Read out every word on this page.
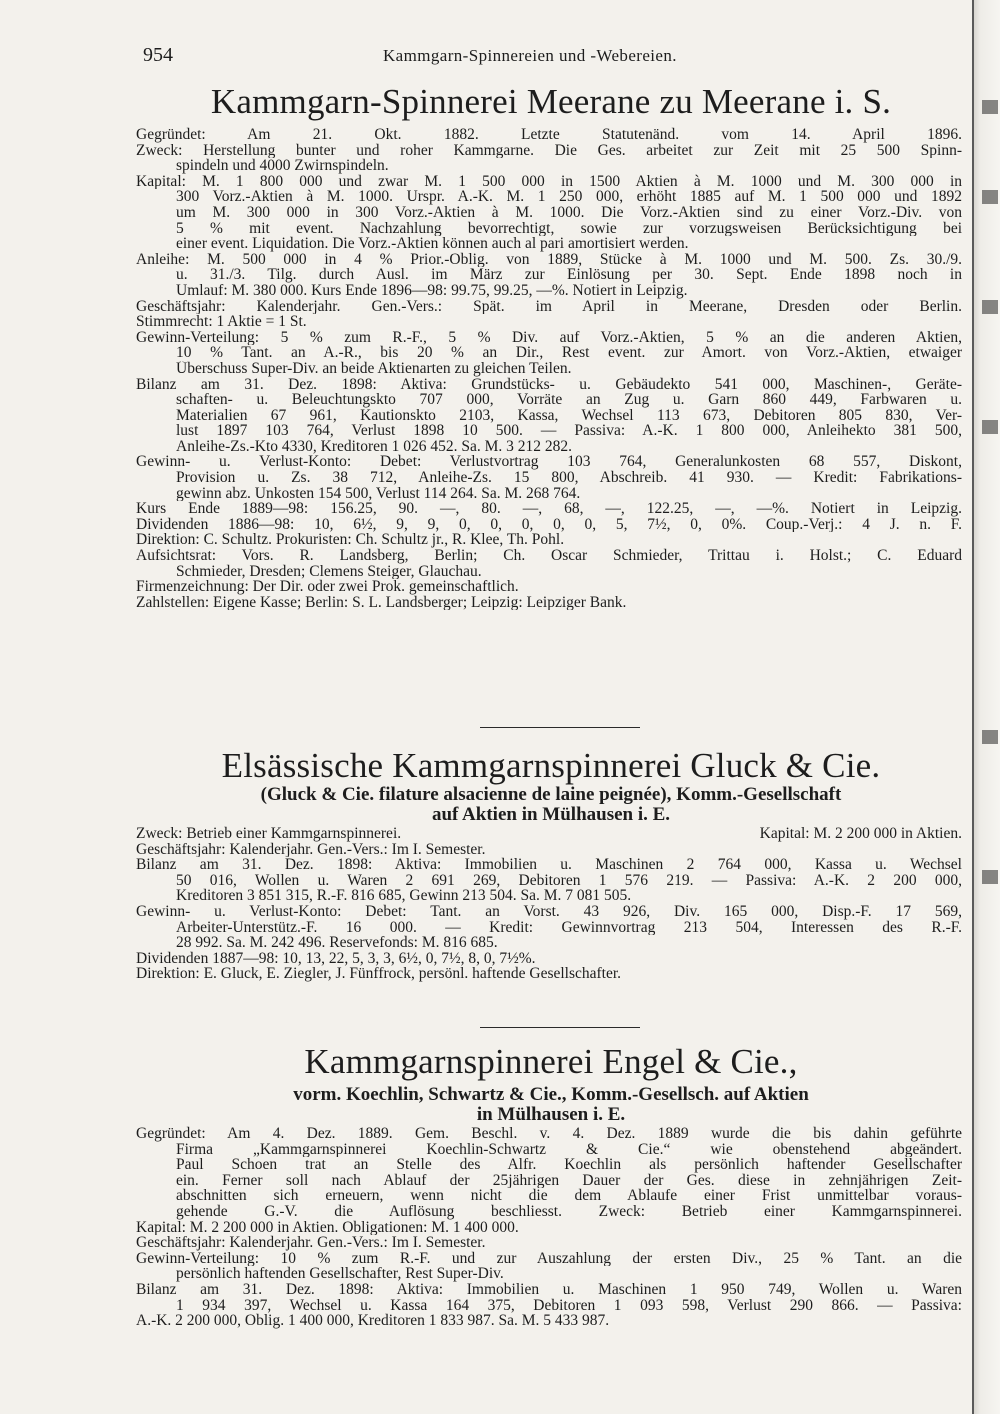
954	Kammgarn-Spinnereien und -Webereien.
Kammgarn-Spinnerei Meerane zu Meerane i. S.
Gegründet: Am 21. Okt. 1882. Letzte Statutenänd. vom 14. April 1896.
Zweck: Herstellung bunter und roher Kammgarne. Die Ges. arbeitet zur Zeit mit 25 500 Spinn-
spindeln und 4000 Zwirnspindeln.
Kapital: M. 1 800 000 und zwar M. 1 500 000 in 1500 Aktien à M. 1000 und M. 300 000 in
300 Vorz.-Aktien à M. 1000. Urspr. A.-K. M. 1 250 000, erhöht 1885 auf M. 1 500 000 und 1892
um M. 300 000 in 300 Vorz.-Aktien à M. 1000. Die Vorz.-Aktien sind zu einer Vorz.-Div. von
5 % mit event. Nachzahlung bevorrechtigt, sowie zur vorzugsweisen Berücksichtigung bei
einer event. Liquidation. Die Vorz.-Aktien können auch al pari amortisiert werden.
Anleihe: M. 500 000 in 4 % Prior.-Oblig. von 1889, Stücke à M. 1000 und M. 500. Zs. 30./9.
u. 31./3. Tilg. durch Ausl. im März zur Einlösung per 30. Sept. Ende 1898 noch in
Umlauf: M. 380 000. Kurs Ende 1896—98: 99.75, 99.25, —%. Notiert in Leipzig.
Geschäftsjahr: Kalenderjahr. Gen.-Vers.: Spät. im April in Meerane, Dresden oder Berlin.
Stimmrecht: 1 Aktie = 1 St.
Gewinn-Verteilung: 5 % zum R.-F., 5 % Div. auf Vorz.-Aktien, 5 % an die anderen Aktien,
10 % Tant. an A.-R., bis 20 % an Dir., Rest event. zur Amort. von Vorz.-Aktien, etwaiger
Überschuss Super-Div. an beide Aktienarten zu gleichen Teilen.
Bilanz am 31. Dez. 1898: Aktiva: Grundstücks- u. Gebäudekto 541 000, Maschinen-, Geräte-
schaften- u. Beleuchtungskto 707 000, Vorräte an Zug u. Garn 860 449, Farbwaren u.
Materialien 67 961, Kautionskto 2103, Kassa, Wechsel 113 673, Debitoren 805 830, Ver-
lust 1897 103 764, Verlust 1898 10 500. — Passiva: A.-K. 1 800 000, Anleihekto 381 500,
Anleihe-Zs.-Kto 4330, Kreditoren 1 026 452. Sa. M. 3 212 282.
Gewinn- u. Verlust-Konto: Debet: Verlustvortrag 103 764, Generalunkosten 68 557, Diskont,
Provision u. Zs. 38 712, Anleihe-Zs. 15 800, Abschreib. 41 930. — Kredit: Fabrikations-
gewinn abz. Unkosten 154 500, Verlust 114 264. Sa. M. 268 764.
Kurs Ende 1889—98: 156.25, 90. —, 80. —, 68, —, 122.25, —, —%. Notiert in Leipzig.
Dividenden 1886—98: 10, 6½, 9, 9, 0, 0, 0, 0, 0, 5, 7½, 0, 0%. Coup.-Verj.: 4 J. n. F.
Direktion: C. Schultz. Prokuristen: Ch. Schultz jr., R. Klee, Th. Pohl.
Aufsichtsrat: Vors. R. Landsberg, Berlin; Ch. Oscar Schmieder, Trittau i. Holst.; C. Eduard
Schmieder, Dresden; Clemens Steiger, Glauchau.
Firmenzeichnung: Der Dir. oder zwei Prok. gemeinschaftlich.
Zahlstellen: Eigene Kasse; Berlin: S. L. Landsberger; Leipzig: Leipziger Bank.
Elsässische Kammgarnspinnerei Gluck & Cie.
(Gluck & Cie. filature alsacienne de laine peignée), Komm.-Gesellschaft
auf Aktien in Mülhausen i. E.
Zweck: Betrieb einer Kammgarnspinnerei.	Kapital: M. 2 200 000 in Aktien.
Geschäftsjahr: Kalenderjahr. Gen.-Vers.: Im I. Semester.
Bilanz am 31. Dez. 1898: Aktiva: Immobilien u. Maschinen 2 764 000, Kassa u. Wechsel
50 016, Wollen u. Waren 2 691 269, Debitoren 1 576 219. — Passiva: A.-K. 2 200 000,
Kreditoren 3 851 315, R.-F. 816 685, Gewinn 213 504. Sa. M. 7 081 505.
Gewinn- u. Verlust-Konto: Debet: Tant. an Vorst. 43 926, Div. 165 000, Disp.-F. 17 569,
Arbeiter-Unterstütz.-F. 16 000. — Kredit: Gewinnvortrag 213 504, Interessen des R.-F.
28 992. Sa. M. 242 496. Reservefonds: M. 816 685.
Dividenden 1887—98: 10, 13, 22, 5, 3, 3, 6½, 0, 7½, 8, 0, 7½%.
Direktion: E. Gluck, E. Ziegler, J. Fünffrock, persönl. haftende Gesellschafter.
Kammgarnspinnerei Engel & Cie.,
vorm. Koechlin, Schwartz & Cie., Komm.-Gesellsch. auf Aktien
in Mülhausen i. E.
Gegründet: Am 4. Dez. 1889. Gem. Beschl. v. 4. Dez. 1889 wurde die bis dahin geführte
Firma „Kammgarnspinnerei Koechlin-Schwartz & Cie.“ wie obenstehend abgeändert.
Paul Schoen trat an Stelle des Alfr. Koechlin als persönlich haftender Gesellschafter
ein. Ferner soll nach Ablauf der 25jährigen Dauer der Ges. diese in zehnjährigen Zeit-
abschnitten sich erneuern, wenn nicht die dem Ablaufe einer Frist unmittelbar voraus-
gehende G.-V. die Auflösung beschliesst. Zweck: Betrieb einer Kammgarnspinnerei.
Kapital: M. 2 200 000 in Aktien. Obligationen: M. 1 400 000.
Geschäftsjahr: Kalenderjahr. Gen.-Vers.: Im I. Semester.
Gewinn-Verteilung: 10 % zum R.-F. und zur Auszahlung der ersten Div., 25 % Tant. an die
persönlich haftenden Gesellschafter, Rest Super-Div.
Bilanz am 31. Dez. 1898: Aktiva: Immobilien u. Maschinen 1 950 749, Wollen u. Waren
1 934 397, Wechsel u. Kassa 164 375, Debitoren 1 093 598, Verlust 290 866. — Passiva:
A.-K. 2 200 000, Oblig. 1 400 000, Kreditoren 1 833 987. Sa. M. 5 433 987.
